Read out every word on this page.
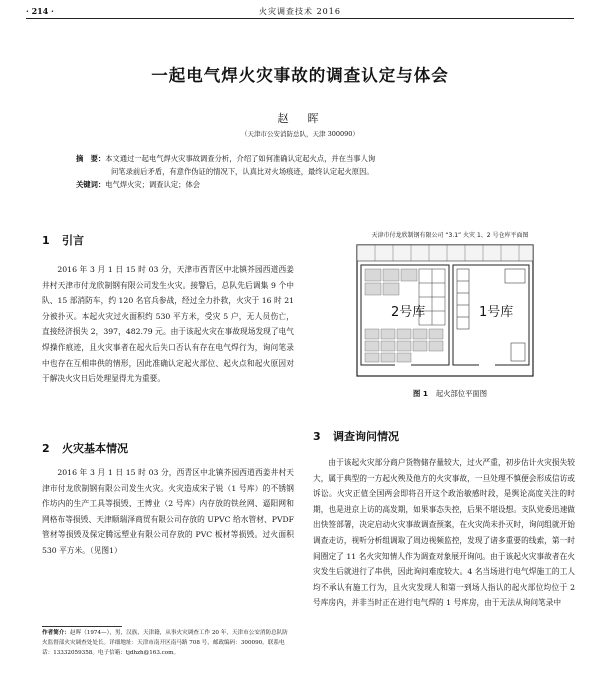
· 214 ·	火灾调查技术 2016
一起电气焊火灾事故的调查认定与体会
赵　晖
（天津市公安消防总队，天津 300090）
摘　要：本文通过一起电气焊火灾事故调查分析，介绍了如何准确认定起火点，并在当事人询
问笔录前后矛盾，有意作伪证的情况下，认真比对火场痕迹，最终认定起火原因。
关键词：电气焊火灾；调查认定；体会
1 引言

2016 年 3 月 1 日 15 时 03 分，天津市西青区中北镇芥园西道西姜井村天津市付龙欣制钢有限公司发生火灾。接警后，总队先后调集 9 个中队、15 部消防车，约 120 名官兵参战，经过全力扑救，火灾于 16 时 21 分被扑灭。本起火灾过火面积约 530 平方米，受灾 5 户，无人员伤亡，直接经济损失 2，397，482.79 元。由于该起火灾在事故现场发现了电气焊操作痕迹，且火灾事者在起火后失口否认有存在电气焊行为，询问笔录中也存在互相串供的情形，因此准确认定起火部位、起火点和起火原因对于解决火灾日后处理显得尤为重要。

2 火灾基本情况

2016 年 3 月 1 日 15 时 03 分，西青区中北镇芥园西道西姜井村天津市付龙欣制钢有限公司发生火灾。火灾造成宋子锐（1 号库）的不锈钢作坊内的生产工具等损毁、王博业（2 号库）内存放的铁丝网、逼阳网和网格布等损毁、天津顺瑞泽商贸有限公司存放的 UPVC 给水管材、PVDF 管材等损毁及保定腾远塑业有限公司存放的 PVC 板材等损毁。过火面积 530 平方米。（见图1）

天津市付龙欣制钢有限公司 “3.1” 火灾 1、2 号仓库平面图
2号库	1号库
图 1 起火部位平面图
3 调查询问情况

由于该起火灾部分商户货物储存量较大，过火严重，初步估计火灾损失较大，属于典型的一方起火殃及他方的火灾事故，一旦处理不慎便会形成信访或诉讼。火灾正值全国两会即将召开这个政治敏感时段，是舆论高度关注的时期，也是进京上访的高发期，如果事态失控，后果不堪设想。支队党委迅速做出快签部署，决定启动火灾事故调查预案，在火灾尚未扑灭时，询问组就开始调查走访，视听分析组调取了周边视频监控，发现了诸多重要的线索，第一时间圈定了 11 名火灾知情人作为调查对象展开询问。由于该起火灾事故者在火灾发生后就进行了串供，因此询问难度较大。4 名当场进行电气焊施工的工人均不承认有施工行为，且火灾发现人和第一到场人指认的起火部位均位于 2 号库房内，并非当时正在进行电气焊的 1 号库房，由于无法从询问笔录中

作者简介：赵晖（1974—），男，汉族，天津籍，从事火灾调查工作 20 年，天津市公安消防总队防火监督部火灾调查处处长。详细地址：天津市南开区南马路 708 号，邮政编码：300090。联系电话：13332059358。电子信箱：tjdhzh@163.com。
